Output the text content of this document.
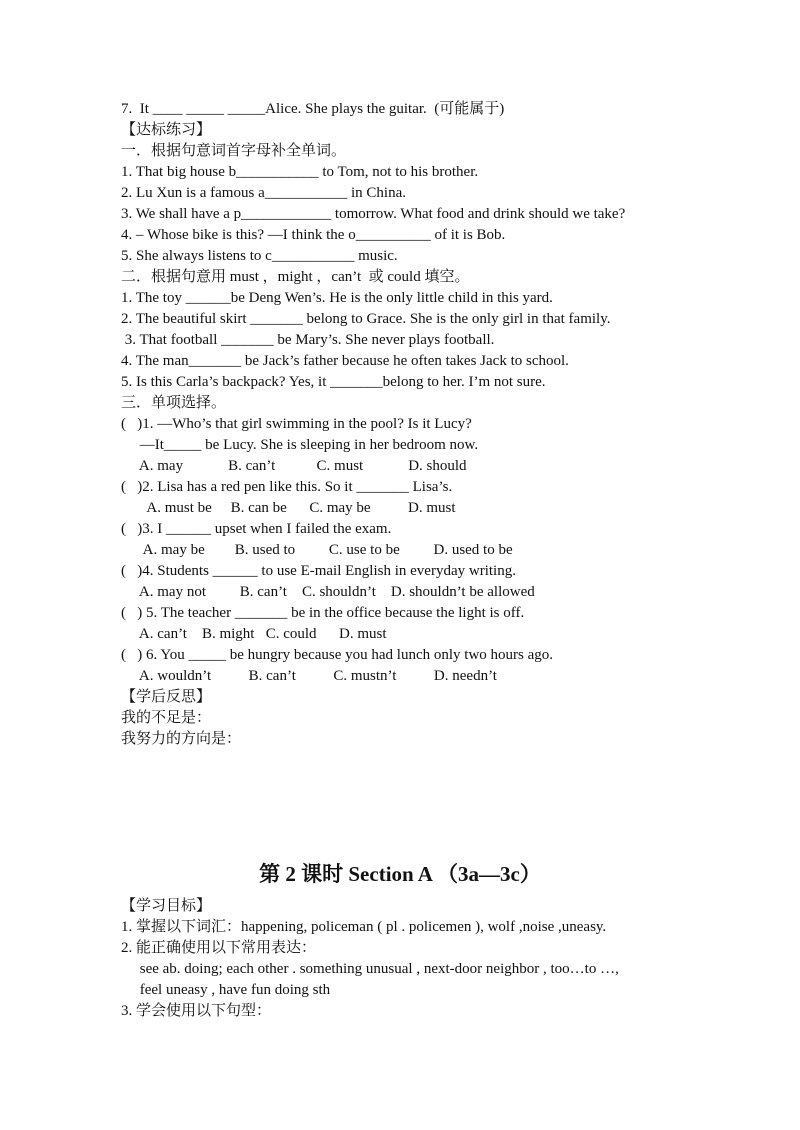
7.  It ____ _____ _____Alice. She plays the guitar.  (可能属于)
【达标练习】
一．根据句意词首字母补全单词。
1. That big house b___________ to Tom, not to his brother.
2. Lu Xun is a famous a___________ in China.
3. We shall have a p____________ tomorrow. What food and drink should we take?
4. – Whose bike is this? —I think the o__________ of it is Bob.
5. She always listens to c___________ music.
二．根据句意用 must ，might ，can’t  或 could 填空。
1. The toy ______be Deng Wen’s. He is the only little child in this yard.
2. The beautiful skirt _______ belong to Grace. She is the only girl in that family.
3. That football _______ be Mary’s. She never plays football.
4. The man_______ be Jack’s father because he often takes Jack to school.
5. Is this Carla’s backpack? Yes, it _______belong to her. I’m not sure.
三．单项选择。
(   )1. —Who’s that girl swimming in the pool? Is it Lucy?
—It_____ be Lucy. She is sleeping in her bedroom now.
A. may            B. can’t           C. must            D. should
(   )2. Lisa has a red pen like this. So it _______ Lisa’s.
A. must be     B. can be      C. may be          D. must
(   )3. I ______ upset when I failed the exam.
A. may be        B. used to         C. use to be         D. used to be
(   )4. Students ______ to use E-mail English in everyday writing.
A. may not         B. can’t    C. shouldn’t    D. shouldn’t be allowed
(   ) 5. The teacher _______ be in the office because the light is off.
A. can’t    B. might   C. could      D. must
(   ) 6. You _____ be hungry because you had lunch only two hours ago.
A. wouldn’t          B. can’t          C. mustn’t          D. needn’t
【学后反思】
我的不足是：
我努力的方向是：
第 2 课时 Section A （3a—3c）
【学习目标】
1. 掌握以下词汇：happening, policeman ( pl . policemen ), wolf ,noise ,uneasy.
2. 能正确使用以下常用表达：
see ab. doing; each other . something unusual , next-door neighbor , too…to …,
feel uneasy , have fun doing sth
3. 学会使用以下句型：
